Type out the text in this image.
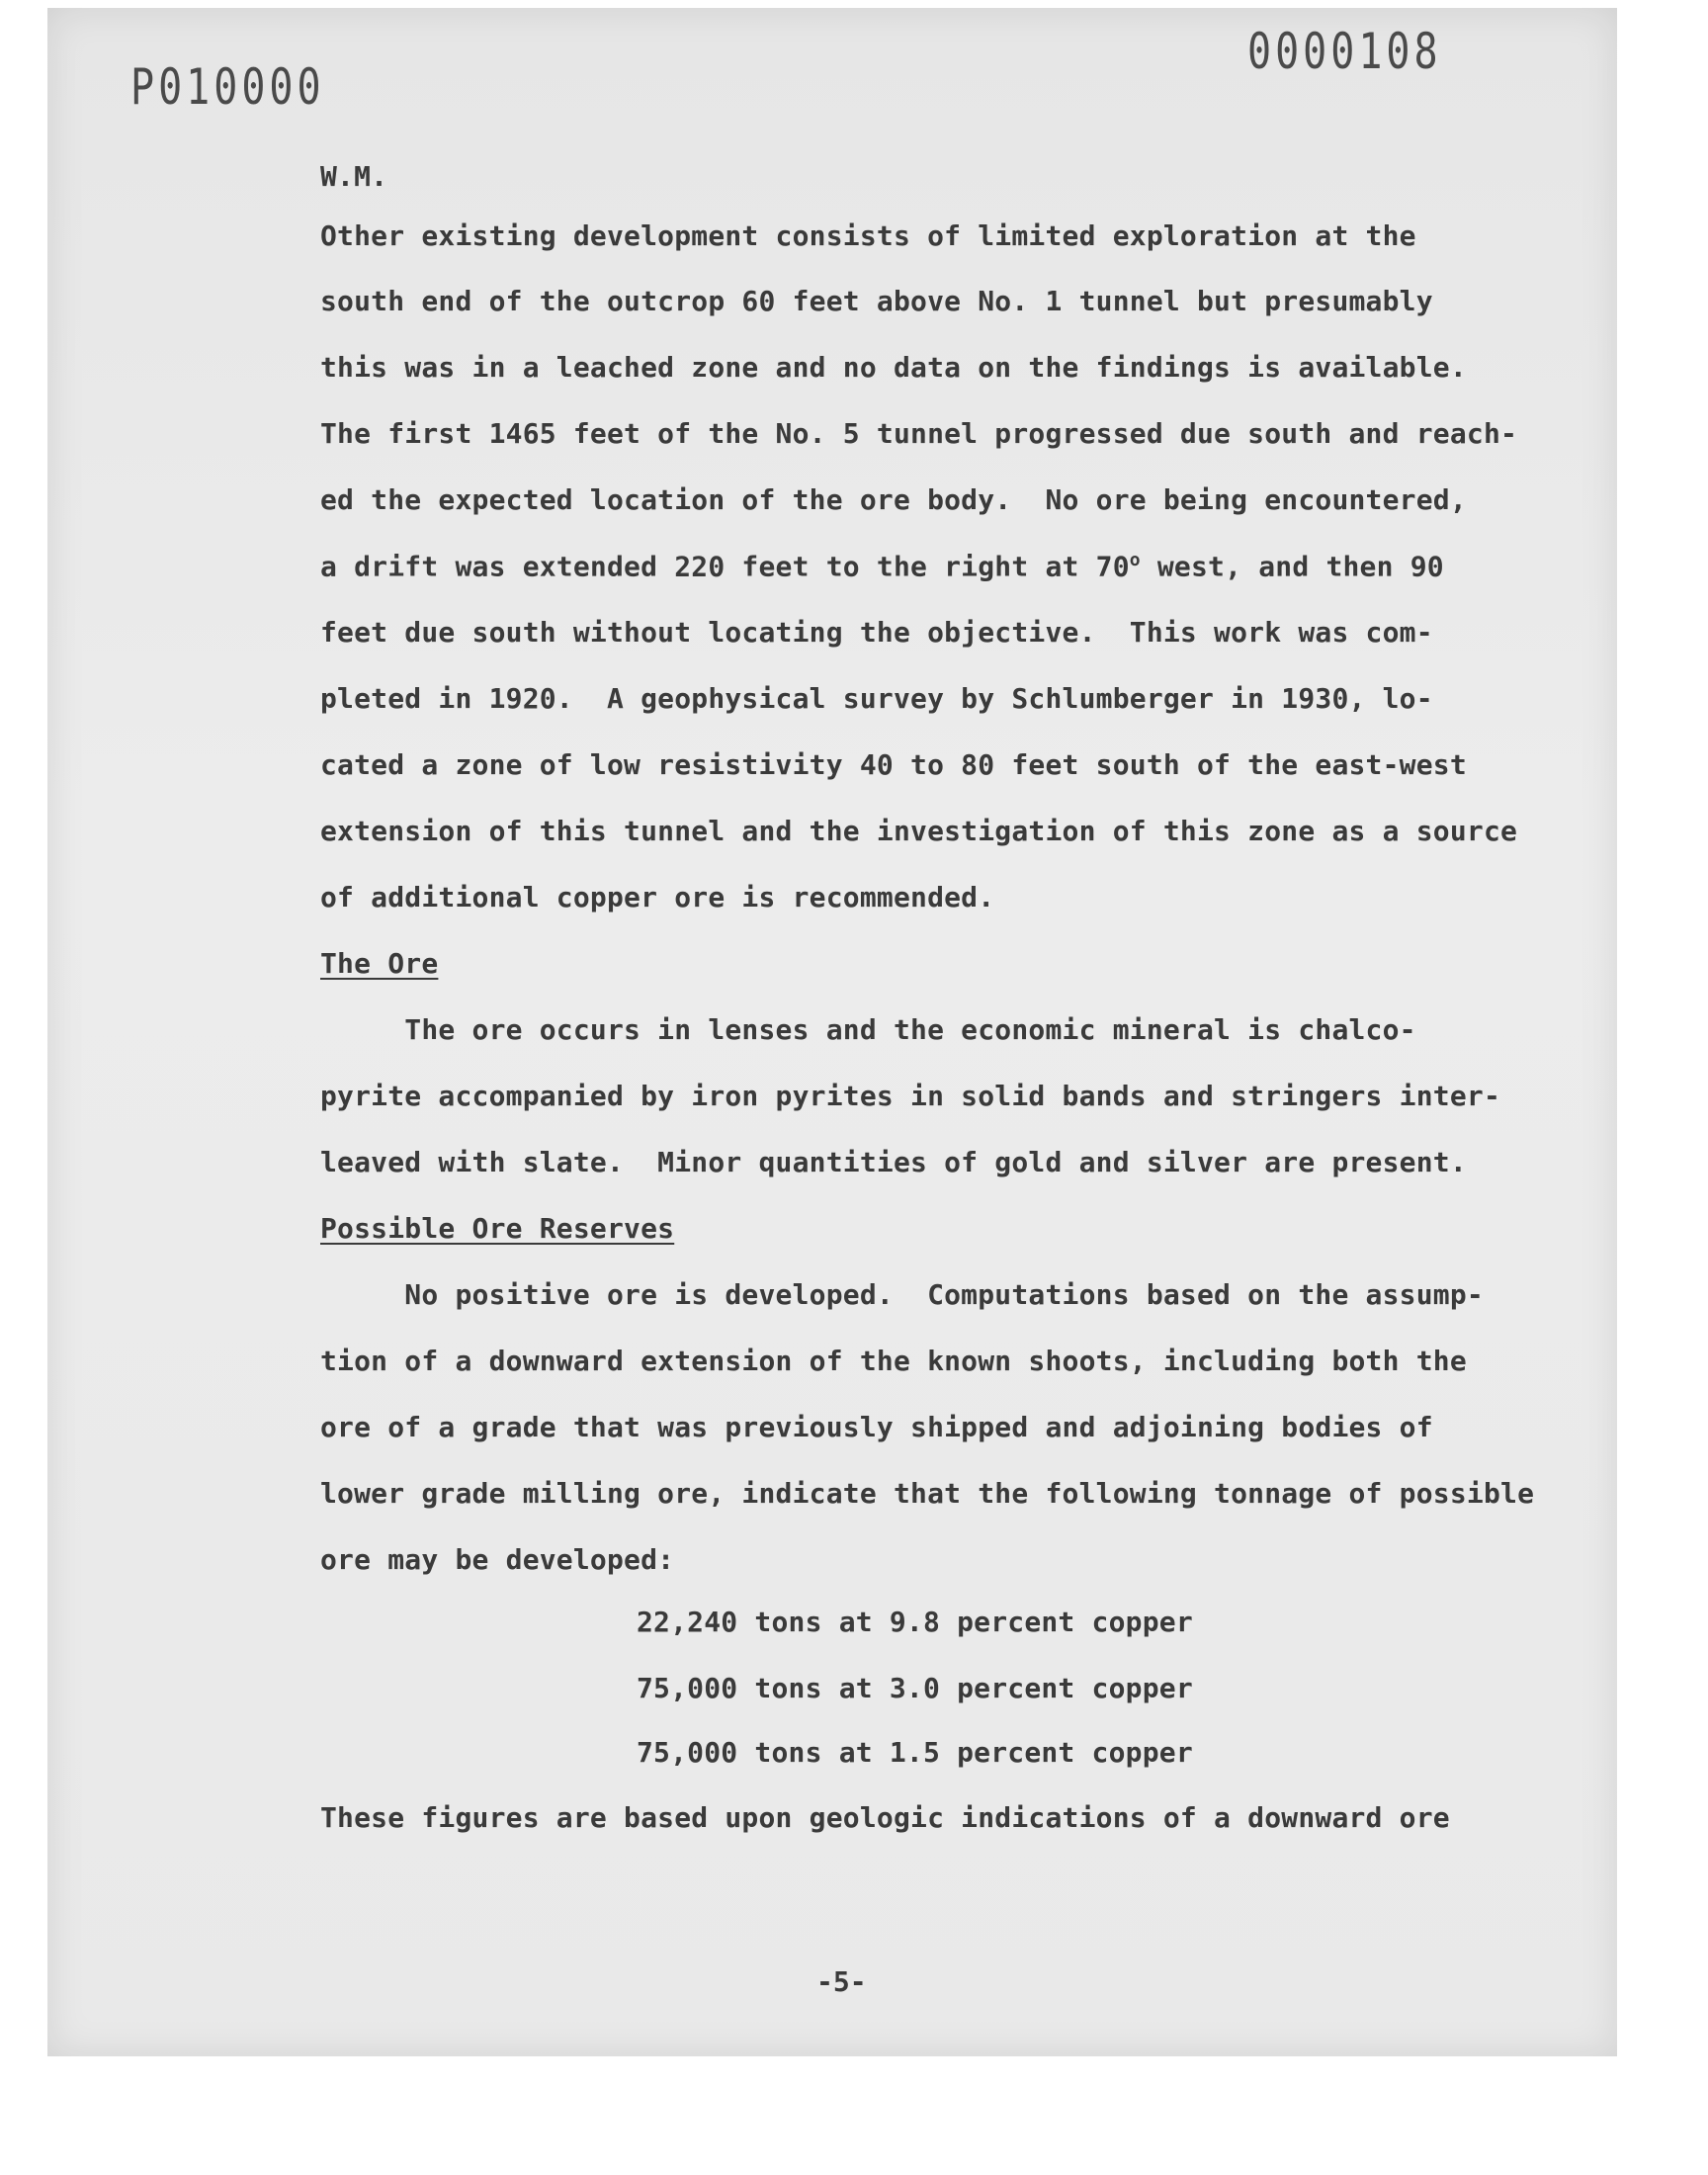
P010000
0000108
W.M.
Other existing development consists of limited exploration at the
south end of the outcrop 60 feet above No. 1 tunnel but presumably
this was in a leached zone and no data on the findings is available.
The first 1465 feet of the No. 5 tunnel progressed due south and reach-
ed the expected location of the ore body.  No ore being encountered,
a drift was extended 220 feet to the right at 70$^o$ west, and then 90
feet due south without locating the objective.  This work was com-
pleted in 1920.  A geophysical survey by Schlumberger in 1930, lo-
cated a zone of low resistivity 40 to 80 feet south of the east-west
extension of this tunnel and the investigation of this zone as a source
of additional copper ore is recommended.
The Ore
The ore occurs in lenses and the economic mineral is chalco-
pyrite accompanied by iron pyrites in solid bands and stringers inter-
leaved with slate.  Minor quantities of gold and silver are present.
Possible Ore Reserves
No positive ore is developed.  Computations based on the assump-
tion of a downward extension of the known shoots, including both the
ore of a grade that was previously shipped and adjoining bodies of
lower grade milling ore, indicate that the following tonnage of possible
ore may be developed:
22,240 tons at 9.8 percent copper
75,000 tons at 3.0 percent copper
75,000 tons at 1.5 percent copper
These figures are based upon geologic indications of a downward ore
-5-
